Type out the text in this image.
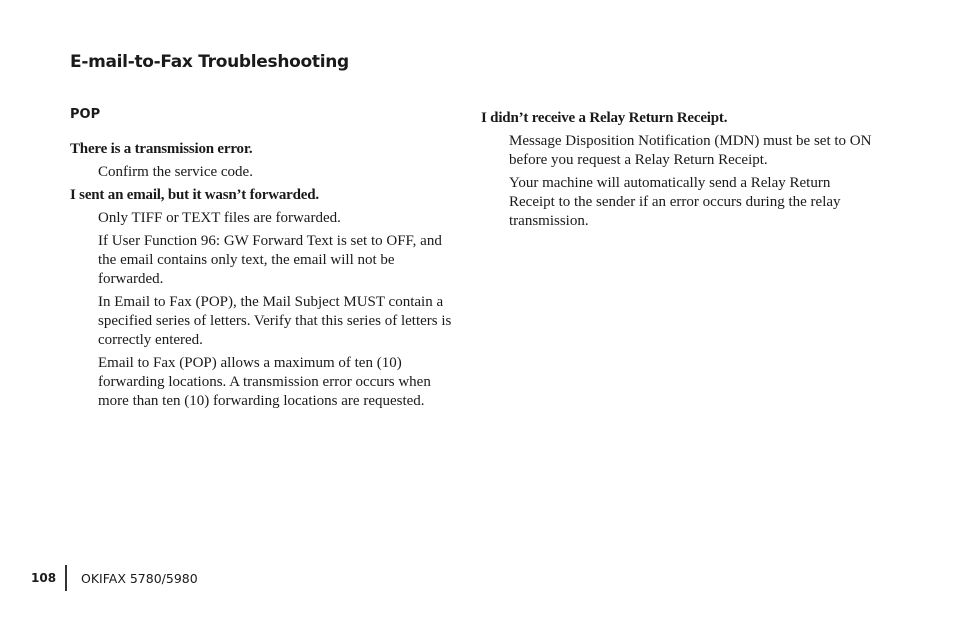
E-mail-to-Fax Troubleshooting
POP
There is a transmission error.
Confirm the service code.
I sent an email, but it wasn’t forwarded.
Only TIFF or TEXT files are forwarded.
If User Function 96: GW Forward Text is set to OFF, and the email contains only text, the email will not be forwarded.
In Email to Fax (POP), the Mail Subject MUST contain a specified series of letters. Verify that this series of letters is correctly entered.
Email to Fax (POP) allows a maximum of ten (10) forwarding locations. A transmission error occurs when more than ten (10) forwarding locations are requested.
I didn’t receive a Relay Return Receipt.
Message Disposition Notification (MDN) must be set to ON before you request a Relay Return Receipt.
Your machine will automatically send a Relay Return Receipt to the sender if an error occurs during the relay transmission.
108	OKIFAX 5780/5980
